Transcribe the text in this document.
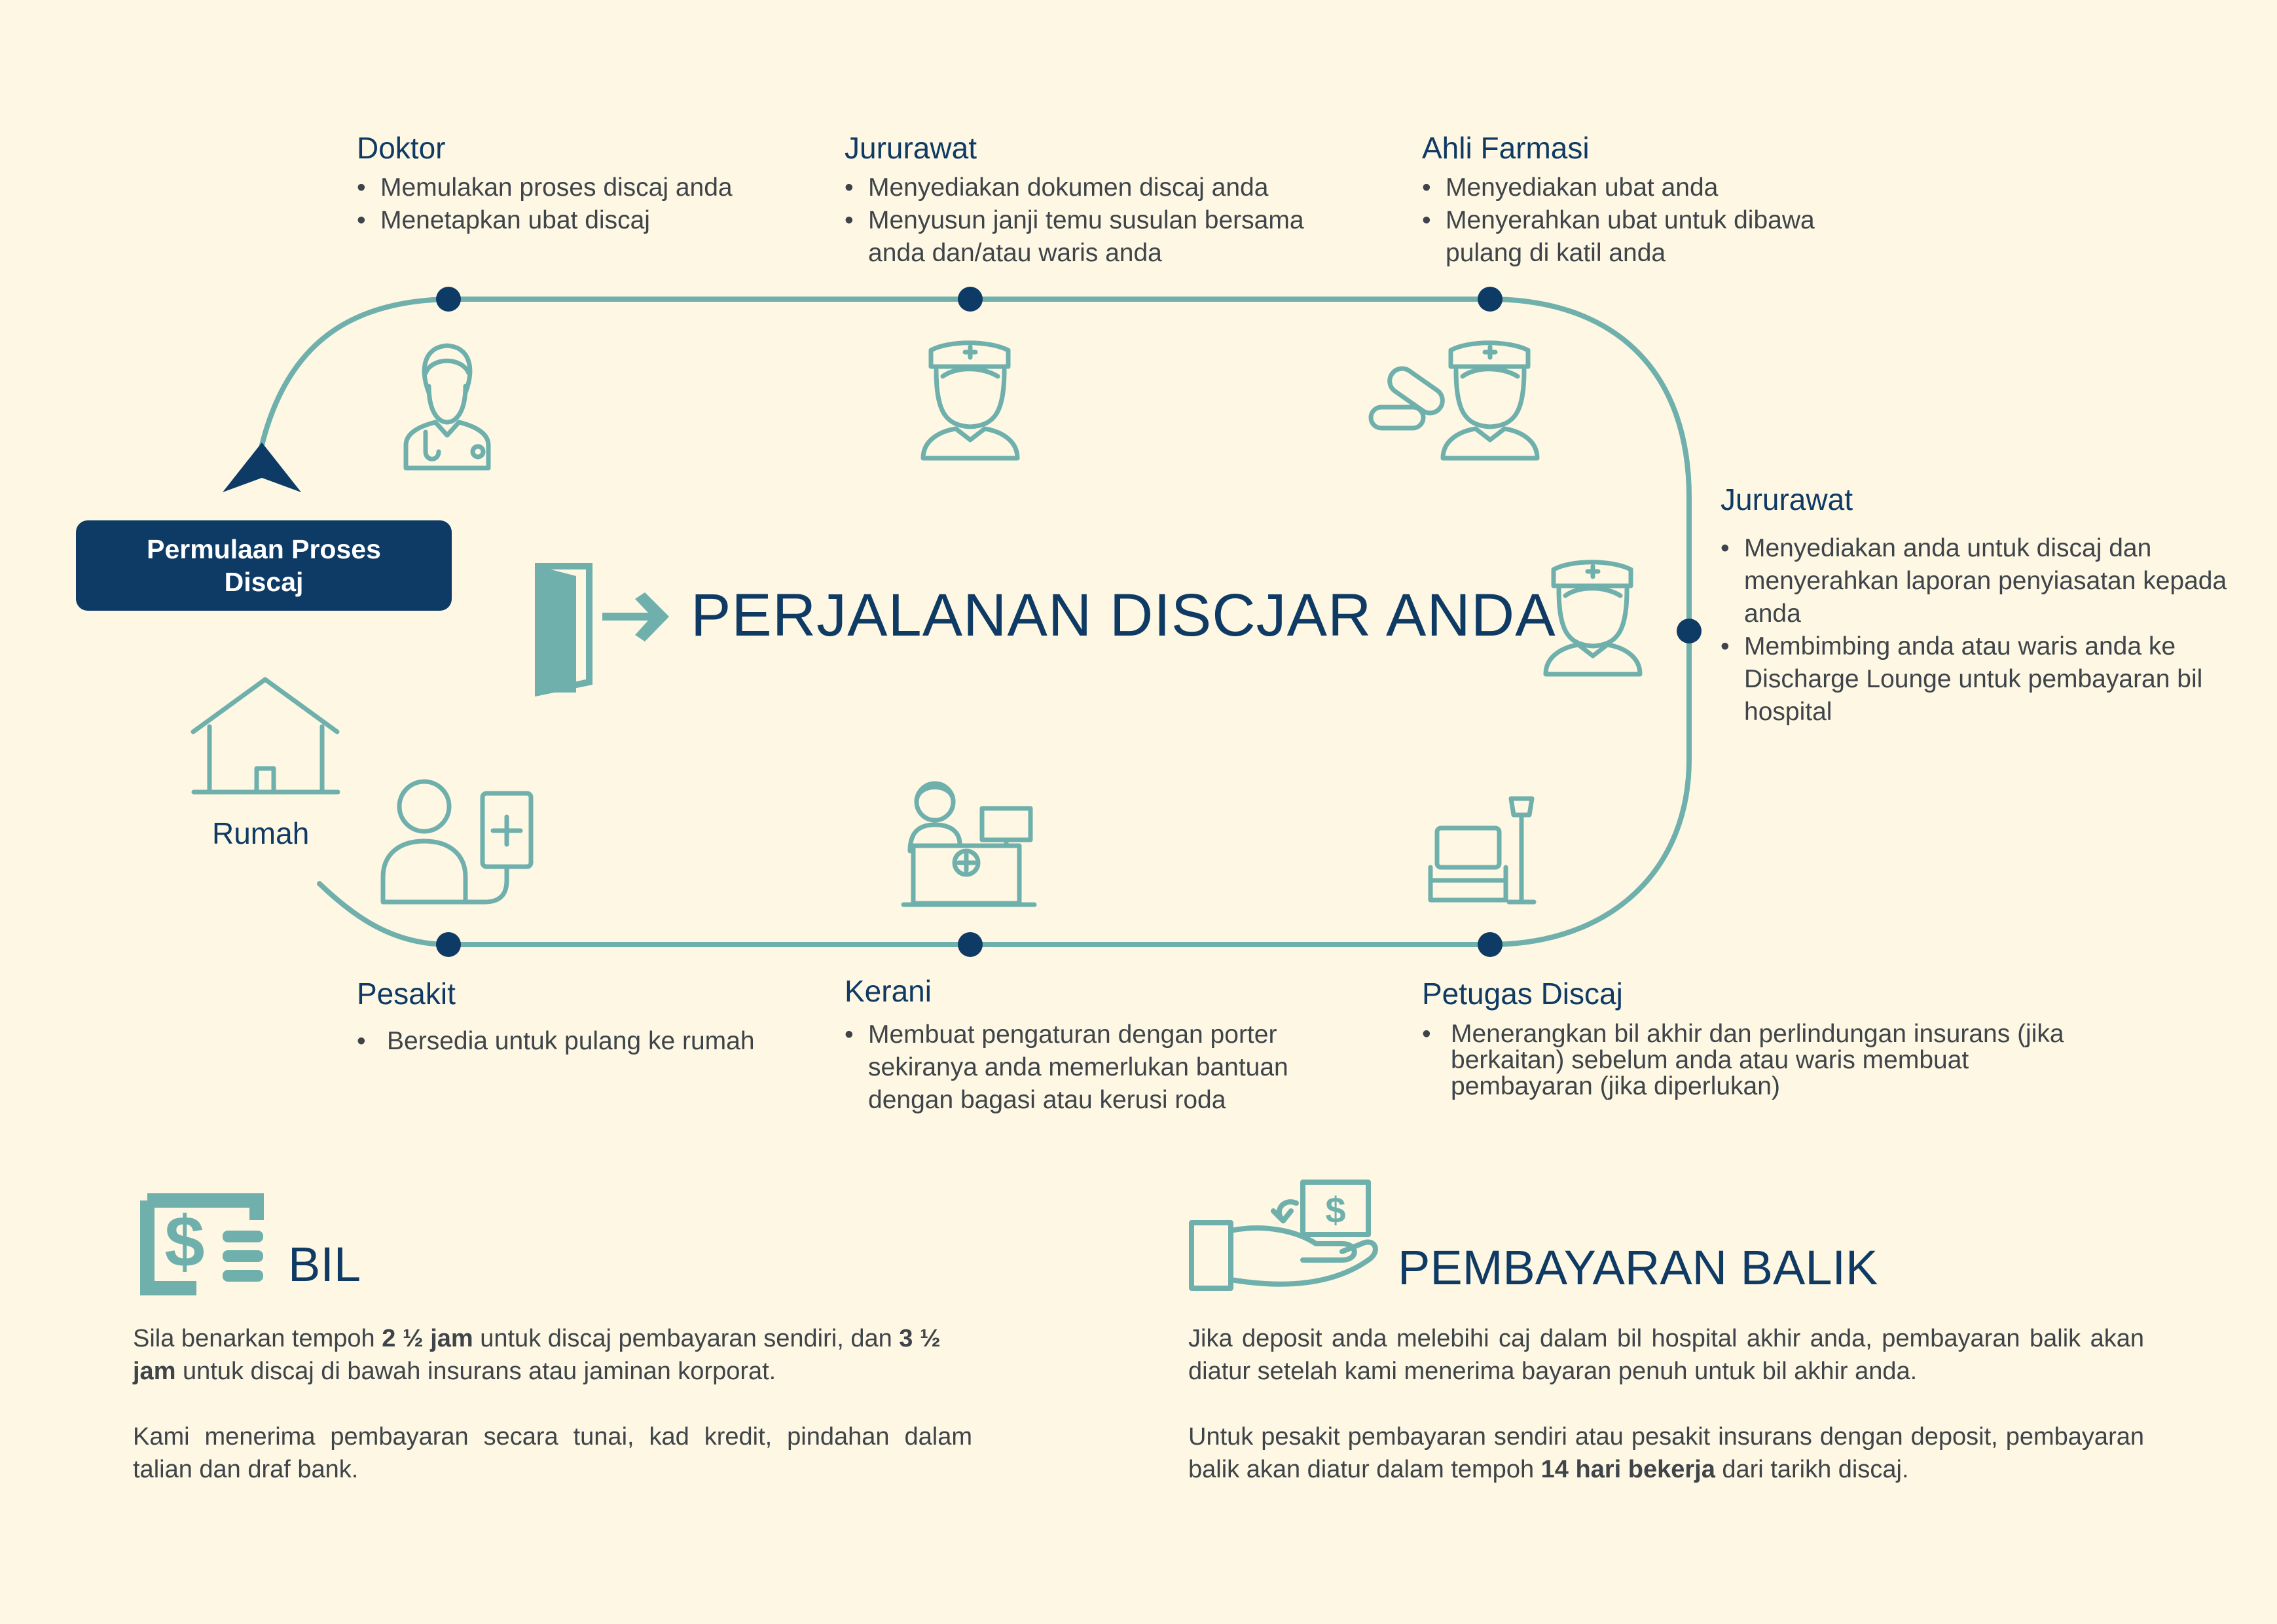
$	$
Permulaan Proses Discaj	PERJALANAN DISCJAR ANDA
Rumah
Doktor
• Memulakan proses discaj anda
• Menetapkan ubat discaj
Jururawat
• Menyediakan dokumen discaj anda
• Menyusun janji temu susulan bersama anda dan/atau waris anda
Ahli Farmasi
• Menyediakan ubat anda
• Menyerahkan ubat untuk dibawa pulang di katil anda
Jururawat
• Menyediakan anda untuk discaj dan menyerahkan laporan penyiasatan kepada anda
• Membimbing anda atau waris anda ke Discharge Lounge untuk pembayaran bil hospital
Petugas Discaj
• Menerangkan bil akhir dan perlindungan insurans (jika berkaitan) sebelum anda atau waris membuat pembayaran (jika diperlukan)
Kerani
• Membuat pengaturan dengan porter sekiranya anda memerlukan bantuan dengan bagasi atau kerusi roda
Pesakit
• Bersedia untuk pulang ke rumah
BIL
Sila benarkan tempoh 2 ½ jam untuk discaj pembayaran sendiri, dan 3 ½ jam untuk discaj di bawah insurans atau jaminan korporat.
Kami menerima pembayaran secara tunai, kad kredit, pindahan dalam talian dan draf bank.
PEMBAYARAN BALIK
Jika deposit anda melebihi caj dalam bil hospital akhir anda, pembayaran balik akan diatur setelah kami menerima bayaran penuh untuk bil akhir anda.
Untuk pesakit pembayaran sendiri atau pesakit insurans dengan deposit, pembayaran balik akan diatur dalam tempoh 14 hari bekerja dari tarikh discaj.
